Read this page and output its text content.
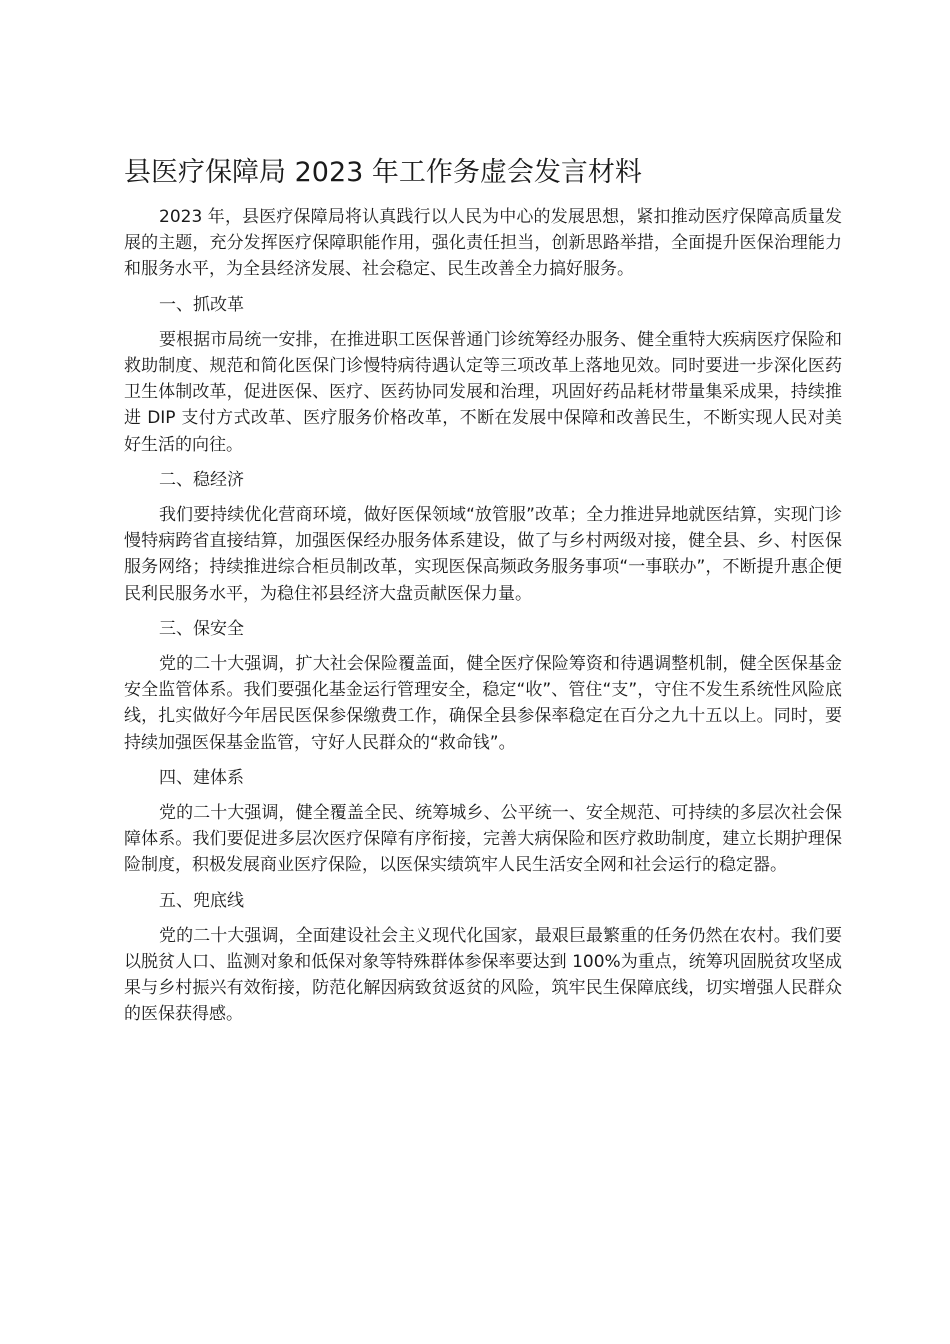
县医疗保障局 2023 年工作务虚会发言材料

2023 年，县医疗保障局将认真践行以人民为中心的发展思想，紧扣推动医疗保障高质量发展的主题，充分发挥医疗保障职能作用，强化责任担当，创新思路举措，全面提升医保治理能力和服务水平，为全县经济发展、社会稳定、民生改善全力搞好服务。

一、抓改革

要根据市局统一安排，在推进职工医保普通门诊统筹经办服务、健全重特大疾病医疗保险和救助制度、规范和简化医保门诊慢特病待遇认定等三项改革上落地见效。同时要进一步深化医药卫生体制改革，促进医保、医疗、医药协同发展和治理，巩固好药品耗材带量集采成果，持续推进 DIP 支付方式改革、医疗服务价格改革，不断在发展中保障和改善民生，不断实现人民对美好生活的向往。

二、稳经济

我们要持续优化营商环境，做好医保领域“放管服”改革；全力推进异地就医结算，实现门诊慢特病跨省直接结算，加强医保经办服务体系建设，做了与乡村两级对接，健全县、乡、村医保服务网络；持续推进综合柜员制改革，实现医保高频政务服务事项“一事联办”，不断提升惠企便民利民服务水平，为稳住祁县经济大盘贡献医保力量。

三、保安全

党的二十大强调，扩大社会保险覆盖面，健全医疗保险筹资和待遇调整机制，健全医保基金安全监管体系。我们要强化基金运行管理安全，稳定“收”、管住“支”，守住不发生系统性风险底线，扎实做好今年居民医保参保缴费工作，确保全县参保率稳定在百分之九十五以上。同时，要持续加强医保基金监管，守好人民群众的“救命钱”。

四、建体系

党的二十大强调，健全覆盖全民、统筹城乡、公平统一、安全规范、可持续的多层次社会保障体系。我们要促进多层次医疗保障有序衔接，完善大病保险和医疗救助制度，建立长期护理保险制度，积极发展商业医疗保险，以医保实绩筑牢人民生活安全网和社会运行的稳定器。

五、兜底线

党的二十大强调，全面建设社会主义现代化国家，最艰巨最繁重的任务仍然在农村。我们要以脱贫人口、监测对象和低保对象等特殊群体参保率要达到 100%为重点，统筹巩固脱贫攻坚成果与乡村振兴有效衔接，防范化解因病致贫返贫的风险，筑牢民生保障底线，切实增强人民群众的医保获得感。
